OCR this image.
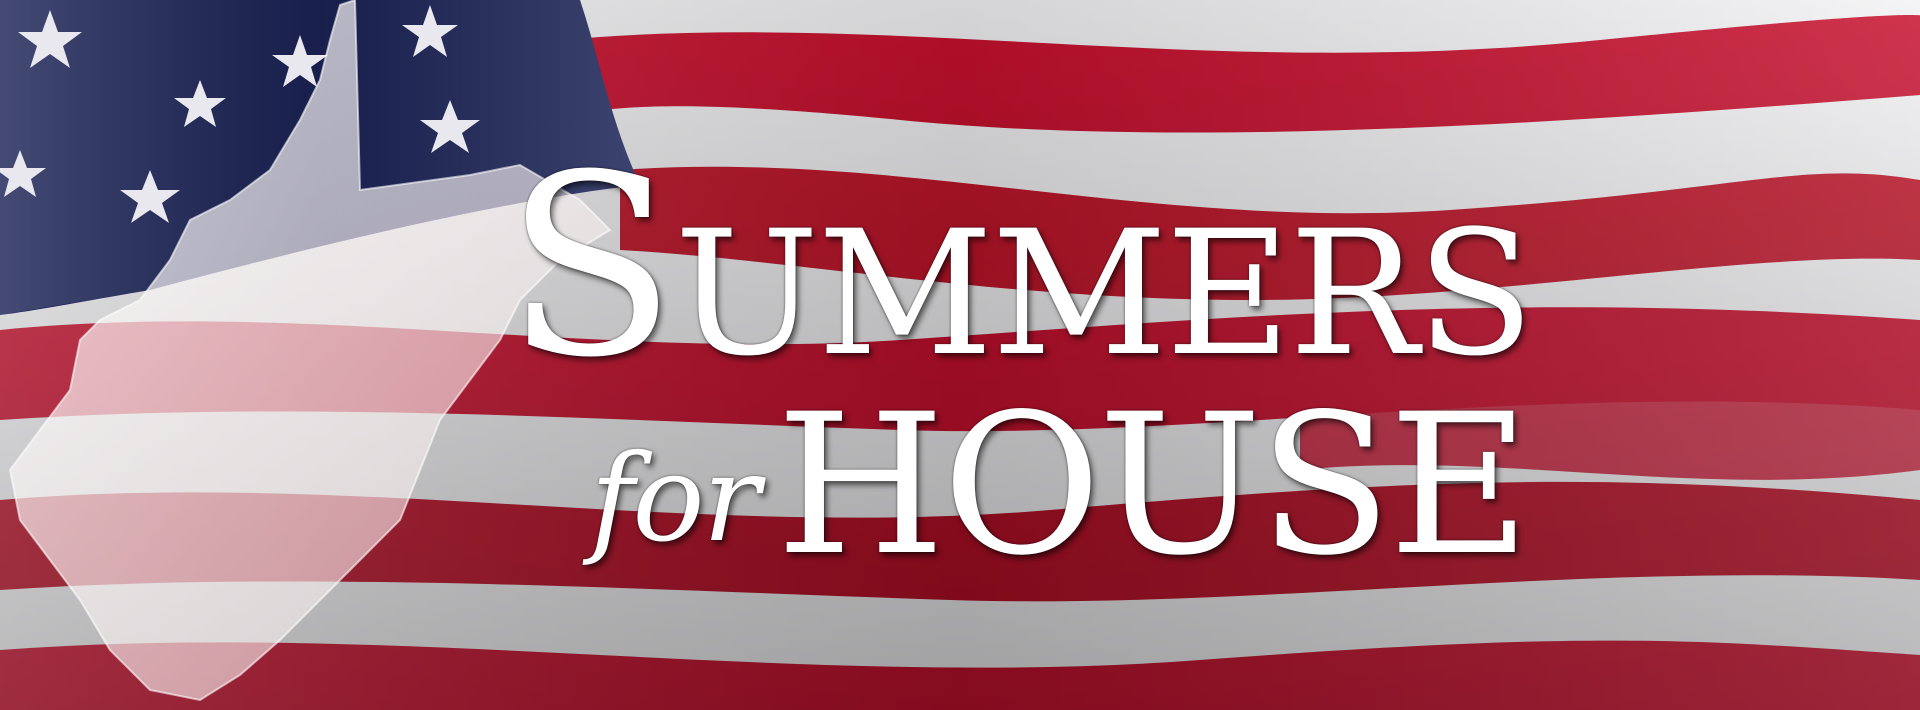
SUMMERS
forHOUSE
